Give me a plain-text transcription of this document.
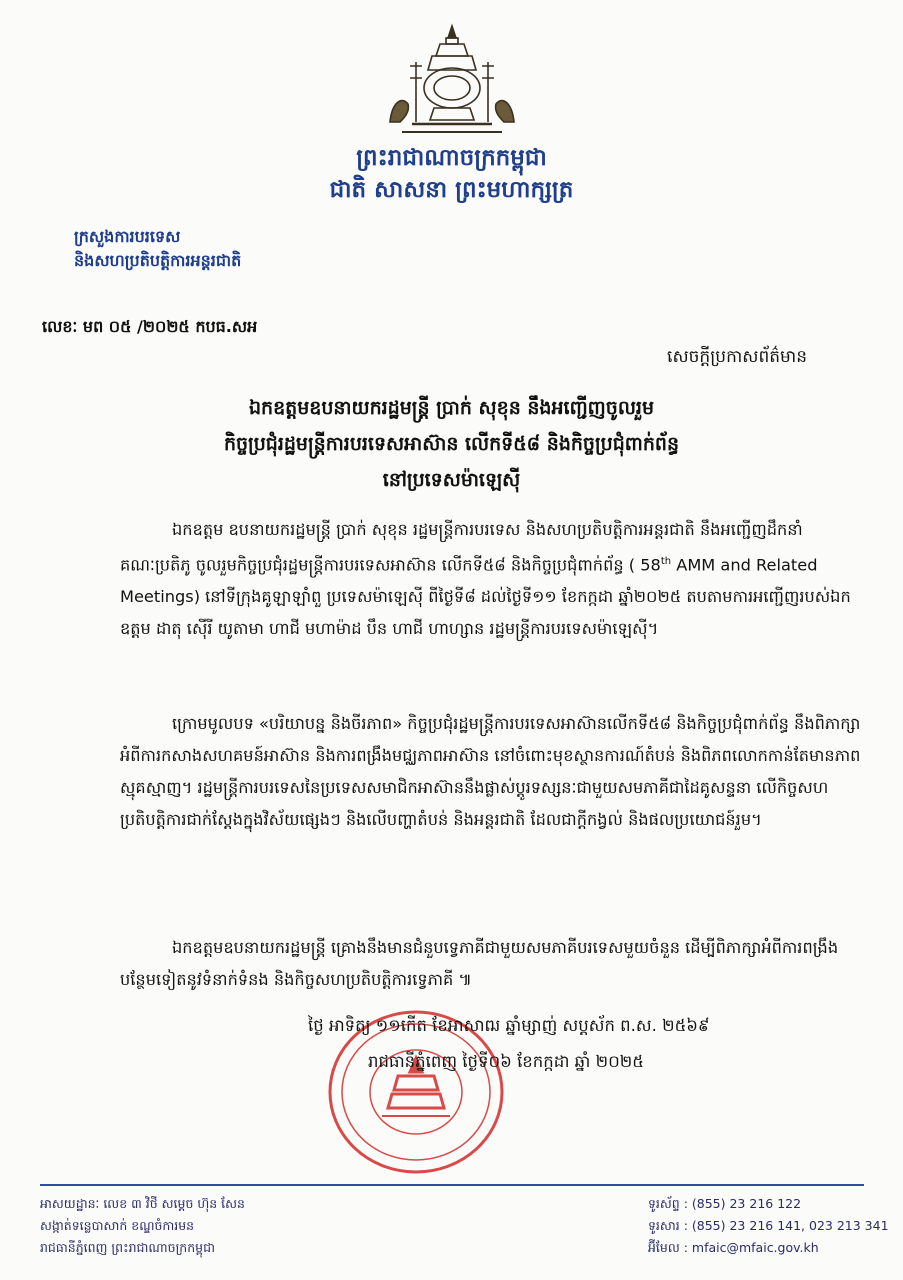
ព្រះរាជាណាចក្រកម្ពុជា
ជាតិ សាសនា ព្រះមហាក្សត្រ
ក្រសួងការបរទេស
និងសហប្រតិបត្តិការអន្តរជាតិ
លេខៈ មព ០៥ /២០២៥ កបធ.សអ
សេចក្តីប្រកាសព័ត៌មាន
ឯកឧត្តមឧបនាយករដ្ឋមន្ត្រី ប្រាក់ សុខុន នឹងអញ្ជើញចូលរួម
កិច្ចប្រជុំរដ្ឋមន្ត្រីការបរទេសអាស៊ាន លើកទី៥៨ និងកិច្ចប្រជុំពាក់ព័ន្ធ
នៅប្រទេសម៉ាឡេស៊ី
ឯកឧត្តម ឧបនាយករដ្ឋមន្ត្រី ប្រាក់ សុខុន រដ្ឋមន្ត្រីការបរទេស និងសហប្រតិបត្តិការអន្តរជាតិ នឹងអញ្ជើញដឹកនាំគណៈប្រតិភូ ចូលរួមកិច្ចប្រជុំរដ្ឋមន្ត្រីការបរទេសអាស៊ាន លើកទី៥៨ និងកិច្ចប្រជុំពាក់ព័ន្ធ ( 58th AMM and Related Meetings) នៅទីក្រុងគូឡាឡាំពួ ប្រទេសម៉ាឡេស៊ី ពីថ្ងៃទី៨ ដល់ថ្ងៃទី១១ ខែកក្កដា ឆ្នាំ២០២៥ តបតាមការអញ្ជើញរបស់ឯកឧត្តម ដាតុ ស៊ើរី យូតាមា ហាជី មហាម៉ាដ បឹន ហាជី ហាហ្សាន រដ្ឋមន្ត្រីការបរទេសម៉ាឡេស៊ី។
ក្រោមមូលបទ «បរិយាបន្ន និងចីរភាព» កិច្ចប្រជុំរដ្ឋមន្ត្រីការបរទេសអាស៊ានលើកទី៥៨ និងកិច្ចប្រជុំពាក់ព័ន្ធ នឹងពិភាក្សាអំពីការកសាងសហគមន៍អាស៊ាន និងការពង្រឹងមជ្ឈភាពអាស៊ាន នៅចំពោះមុខស្ថានការណ៍តំបន់ និងពិភពលោកកាន់តែមានភាពស្មុគស្មាញ។ រដ្ឋមន្ត្រីការបរទេសនៃប្រទេសសមាជិកអាស៊ាននឹងផ្លាស់ប្តូរទស្សនៈជាមួយសមភាគីជាដៃគូសន្ទនា លើកិច្ចសហប្រតិបត្តិការជាក់ស្តែងក្នុងវិស័យផ្សេងៗ និងលើបញ្ហាតំបន់ និងអន្តរជាតិ ដែលជាក្តីកង្វល់ និងផលប្រយោជន៍រួម។
ឯកឧត្តមឧបនាយករដ្ឋមន្ត្រី គ្រោងនឹងមានជំនួបទ្វេភាគីជាមួយសមភាគីបរទេសមួយចំនួន ដើម្បីពិភាក្សាអំពីការពង្រឹងបន្ថែមទៀតនូវទំនាក់ទំនង និងកិច្ចសហប្រតិបត្តិការទ្វេភាគី ៕
ថ្ងៃ អាទិត្យ ១១កើត ខែអាសាឍ ឆ្នាំម្សាញ់ សប្តស័ក ព.ស. ២៥៦៩
រាជធានីភ្នំពេញ ថ្ងៃទី០៦ ខែកក្កដា ឆ្នាំ ២០២៥
អាសយដ្ឋានៈ លេខ ៣ វិថី សម្តេច ហ៊ុន សែន
សង្កាត់ទន្លេបាសាក់ ខណ្ឌចំការមន
រាជធានីភ្នំពេញ ព្រះរាជាណាចក្រកម្ពុជា
ទូរស័ព្ទ : (855) 23 216 122
ទូរសារ : (855) 23 216 141, 023 213 341
អ៊ីមែល : mfaic@mfaic.gov.kh
